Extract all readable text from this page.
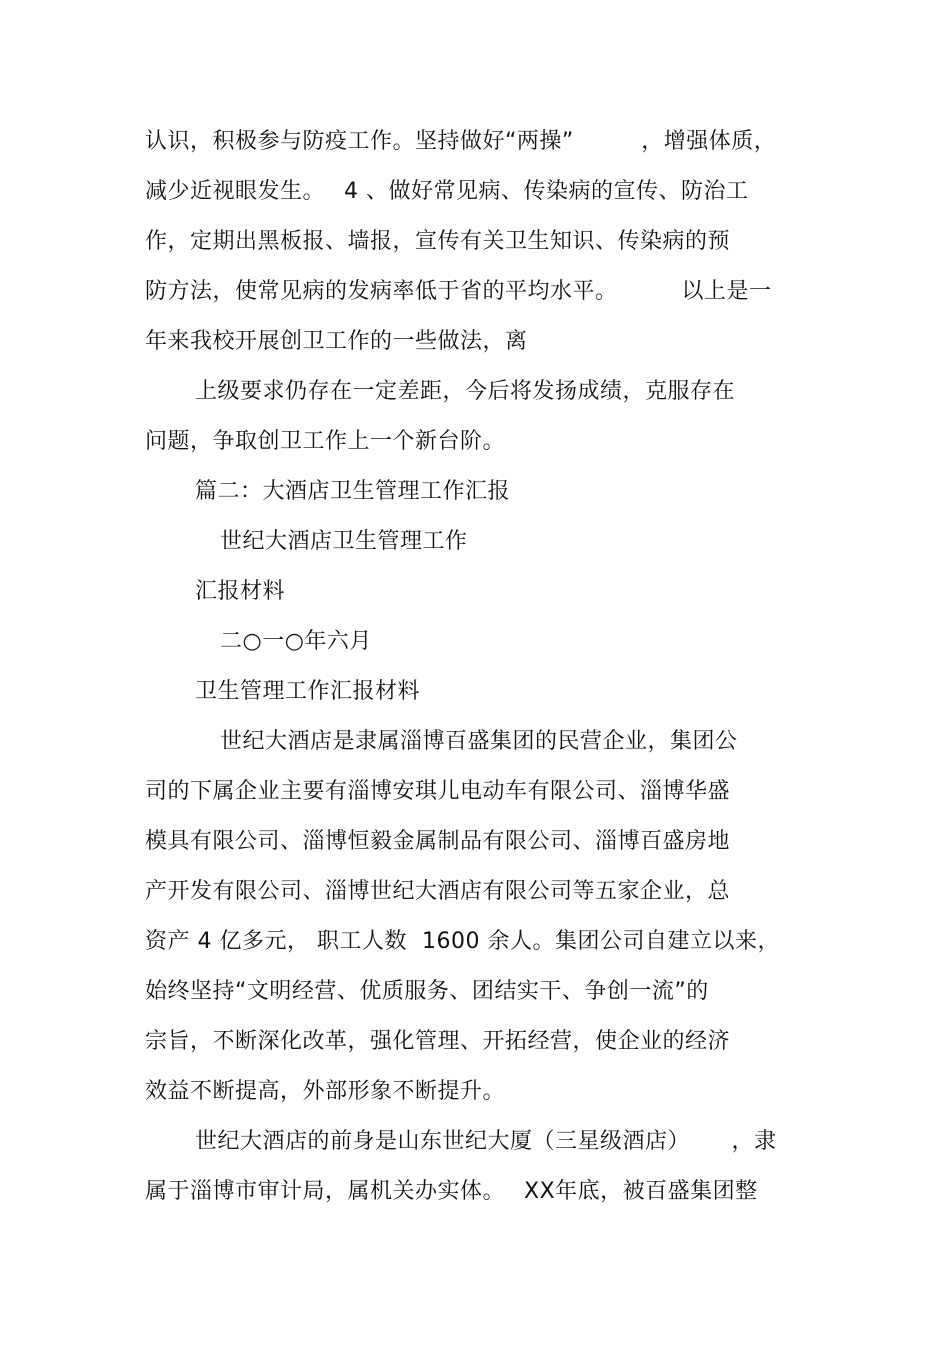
认识，积极参与防疫工作。坚持做好“两操”　　　，增强体质，
减少近视眼发生。　 4 、做好常见病、传染病的宣传、防治工
作，定期出黑板报、墙报，宣传有关卫生知识、传染病的预
防方法，使常见病的发病率低于省的平均水平。　　　 以上是一
年来我校开展创卫工作的一些做法，离
上级要求仍存在一定差距，今后将发扬成绩，克服存在
问题，争取创卫工作上一个新台阶。
篇二：大酒店卫生管理工作汇报
世纪大酒店卫生管理工作
汇报材料
二○一○年六月
卫生管理工作汇报材料
世纪大酒店是隶属淄博百盛集团的民营企业，集团公
司的下属企业主要有淄博安琪儿电动车有限公司、淄博华盛
模具有限公司、淄博恒毅金属制品有限公司、淄博百盛房地
产开发有限公司、淄博世纪大酒店有限公司等五家企业，总
资产 4 亿多元， 职工人数  1600 余人。集团公司自建立以来，
始终坚持“文明经营、优质服务、团结实干、争创一流”的
宗旨，不断深化改革，强化管理、开拓经营，使企业的经济
效益不断提高，外部形象不断提升。
世纪大酒店的前身是山东世纪大厦（三星级酒店）　　 ，隶
属于淄博市审计局，属机关办实体。　 XX年底，被百盛集团整
